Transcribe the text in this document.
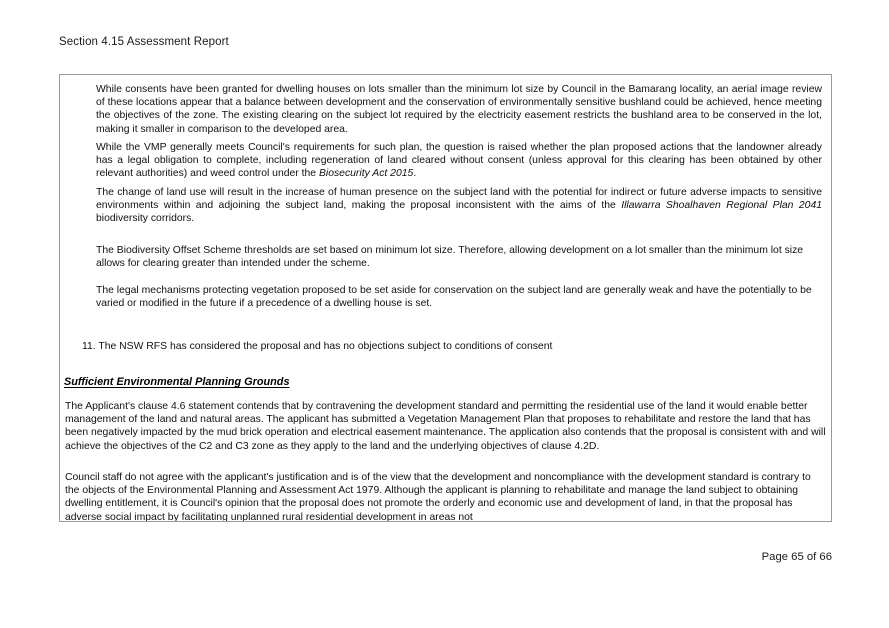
Section 4.15 Assessment Report

While consents have been granted for dwelling houses on lots smaller than the minimum lot size by Council in the Bamarang locality, an aerial image review of these locations appear that a balance between development and the conservation of environmentally sensitive bushland could be achieved, hence meeting the objectives of the zone. The existing clearing on the subject lot required by the electricity easement restricts the bushland area to be conserved in the lot, making it smaller in comparison to the developed area.

While the VMP generally meets Council's requirements for such plan, the question is raised whether the plan proposed actions that the landowner already has a legal obligation to complete, including regeneration of land cleared without consent (unless approval for this clearing has been obtained by other relevant authorities) and weed control under the Biosecurity Act 2015.

The change of land use will result in the increase of human presence on the subject land with the potential for indirect or future adverse impacts to sensitive environments within and adjoining the subject land, making the proposal inconsistent with the aims of the Illawarra Shoalhaven Regional Plan 2041 biodiversity corridors.

The Biodiversity Offset Scheme thresholds are set based on minimum lot size. Therefore, allowing development on a lot smaller than the minimum lot size allows for clearing greater than intended under the scheme.

The legal mechanisms protecting vegetation proposed to be set aside for conservation on the subject land are generally weak and have the potentially to be varied or modified in the future if a precedence of a dwelling house is set.

11. The NSW RFS has considered the proposal and has no objections subject to conditions of consent

Sufficient Environmental Planning Grounds

The Applicant's clause 4.6 statement contends that by contravening the development standard and permitting the residential use of the land it would enable better management of the land and natural areas. The applicant has submitted a Vegetation Management Plan that proposes to rehabilitate and restore the land that has been negatively impacted by the mud brick operation and electrical easement maintenance. The application also contends that the proposal is consistent with and will achieve the objectives of the C2 and C3 zone as they apply to the land and the underlying objectives of clause 4.2D.

Council staff do not agree with the applicant's justification and is of the view that the development and noncompliance with the development standard is contrary to the objects of the Environmental Planning and Assessment Act 1979. Although the applicant is planning to rehabilitate and manage the land subject to obtaining dwelling entitlement, it is Council's opinion that the proposal does not promote the orderly and economic use and development of land, in that the proposal has adverse social impact by facilitating unplanned rural residential development in areas not

Page 65 of 66
